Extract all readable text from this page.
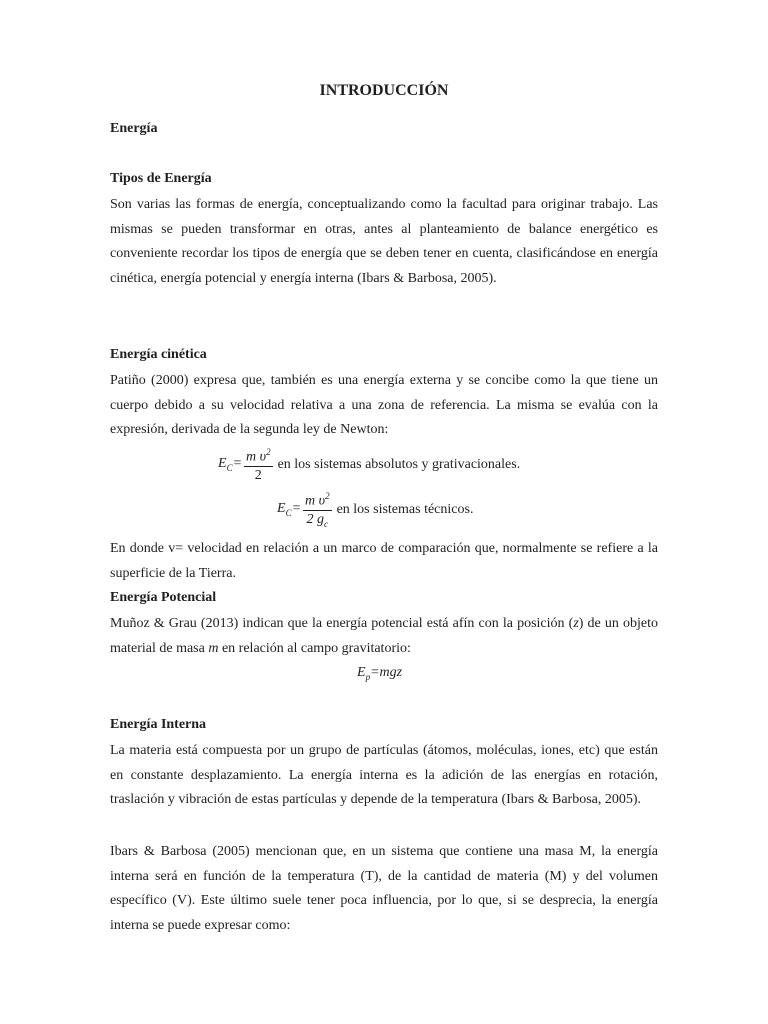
INTRODUCCIÓN
Energía
Tipos de Energía

Son varias las formas de energía, conceptualizando como la facultad para originar trabajo. Las mismas se pueden transformar en otras, antes al planteamiento de balance energético es conveniente recordar los tipos de energía que se deben tener en cuenta, clasificándose en energía cinética, energía potencial y energía interna (Ibars & Barbosa, 2005).

Energía cinética

Patiño (2000) expresa que, también es una energía externa y se concibe como la que tiene un cuerpo debido a su velocidad relativa a una zona de referencia. La misma se evalúa con la expresión, derivada de la segunda ley de Newton:

$E_C= \frac{m \upsilon^2}{2}$ en los sistemas absolutos y grativacionales.
$E_C= \frac{m \upsilon^2}{2 g_c}$ en los sistemas técnicos.

En donde v= velocidad en relación a un marco de comparación que, normalmente se refiere a la superficie de la Tierra.

Energía Potencial

Muñoz & Grau (2013) indican que la energía potencial está afín con la posición (z) de un objeto material de masa m en relación al campo gravitatorio:

$E_p=mgz$
Energía Interna

La materia está compuesta por un grupo de partículas (átomos, moléculas, iones, etc) que están en constante desplazamiento. La energía interna es la adición de las energías en rotación, traslación y vibración de estas partículas y depende de la temperatura (Ibars & Barbosa, 2005).

Ibars & Barbosa (2005) mencionan que, en un sistema que contiene una masa M, la energía interna será en función de la temperatura (T), de la cantidad de materia (M) y del volumen específico (V). Este último suele tener poca influencia, por lo que, si se desprecia, la energía interna se puede expresar como:
